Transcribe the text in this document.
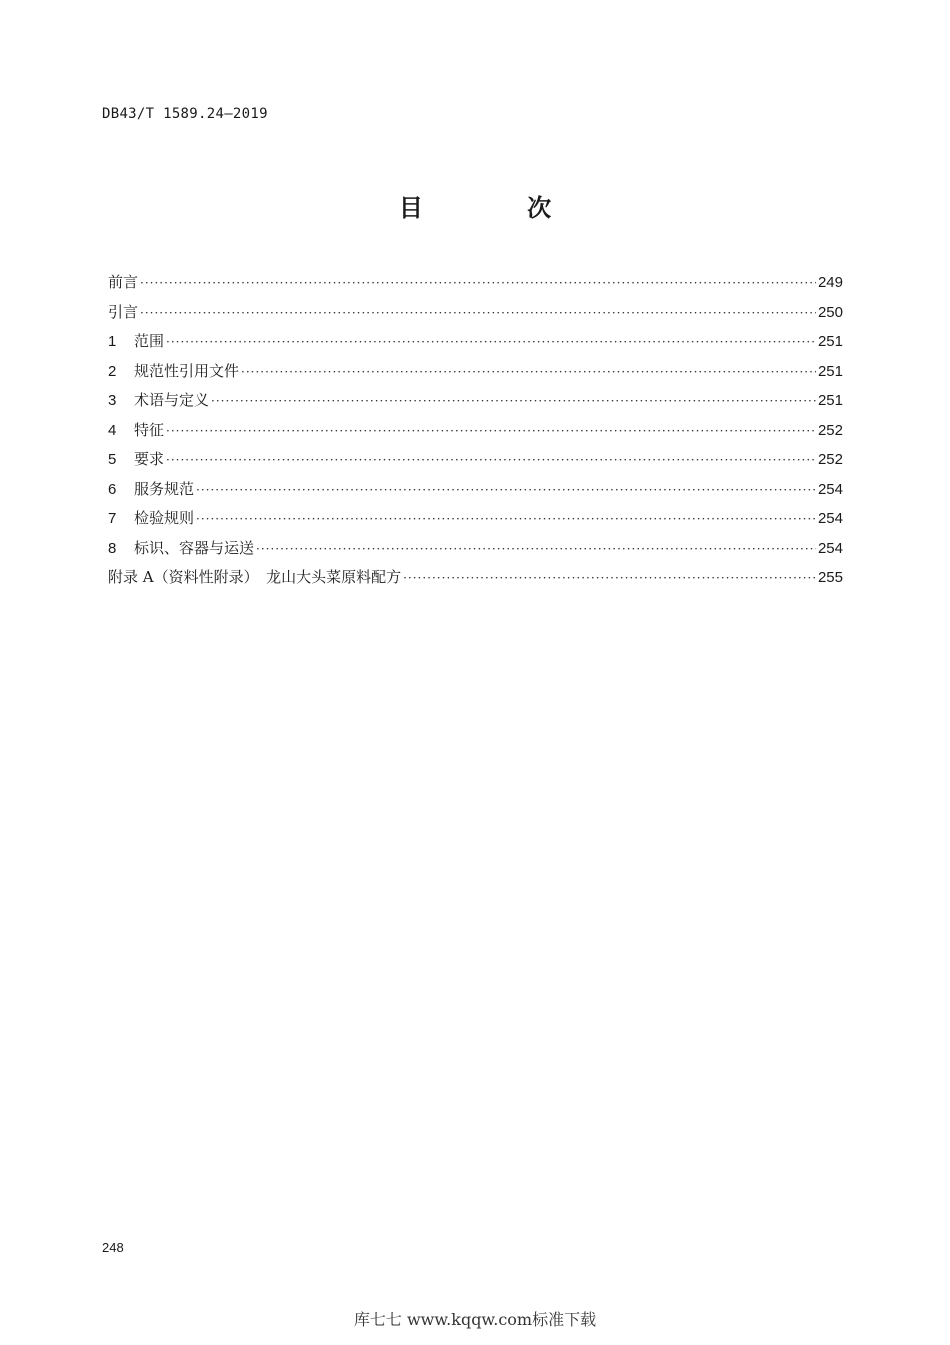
DB43/T 1589.24—2019
目 次
前言 ·····	249
引言 ·····	250
1	范围 ·····	251
2	规范性引用文件 ·····	251
3	术语与定义 ·····	251
4	特征 ·····	252
5	要求 ·····	252
6	服务规范 ·····	254
7	检验规则 ·····	254
8	标识、容器与运送 ·····	254
附录 A（资料性附录）　龙山大头菜原料配方 ·····	255
248
库七七 www.kqqw.com标准下载
